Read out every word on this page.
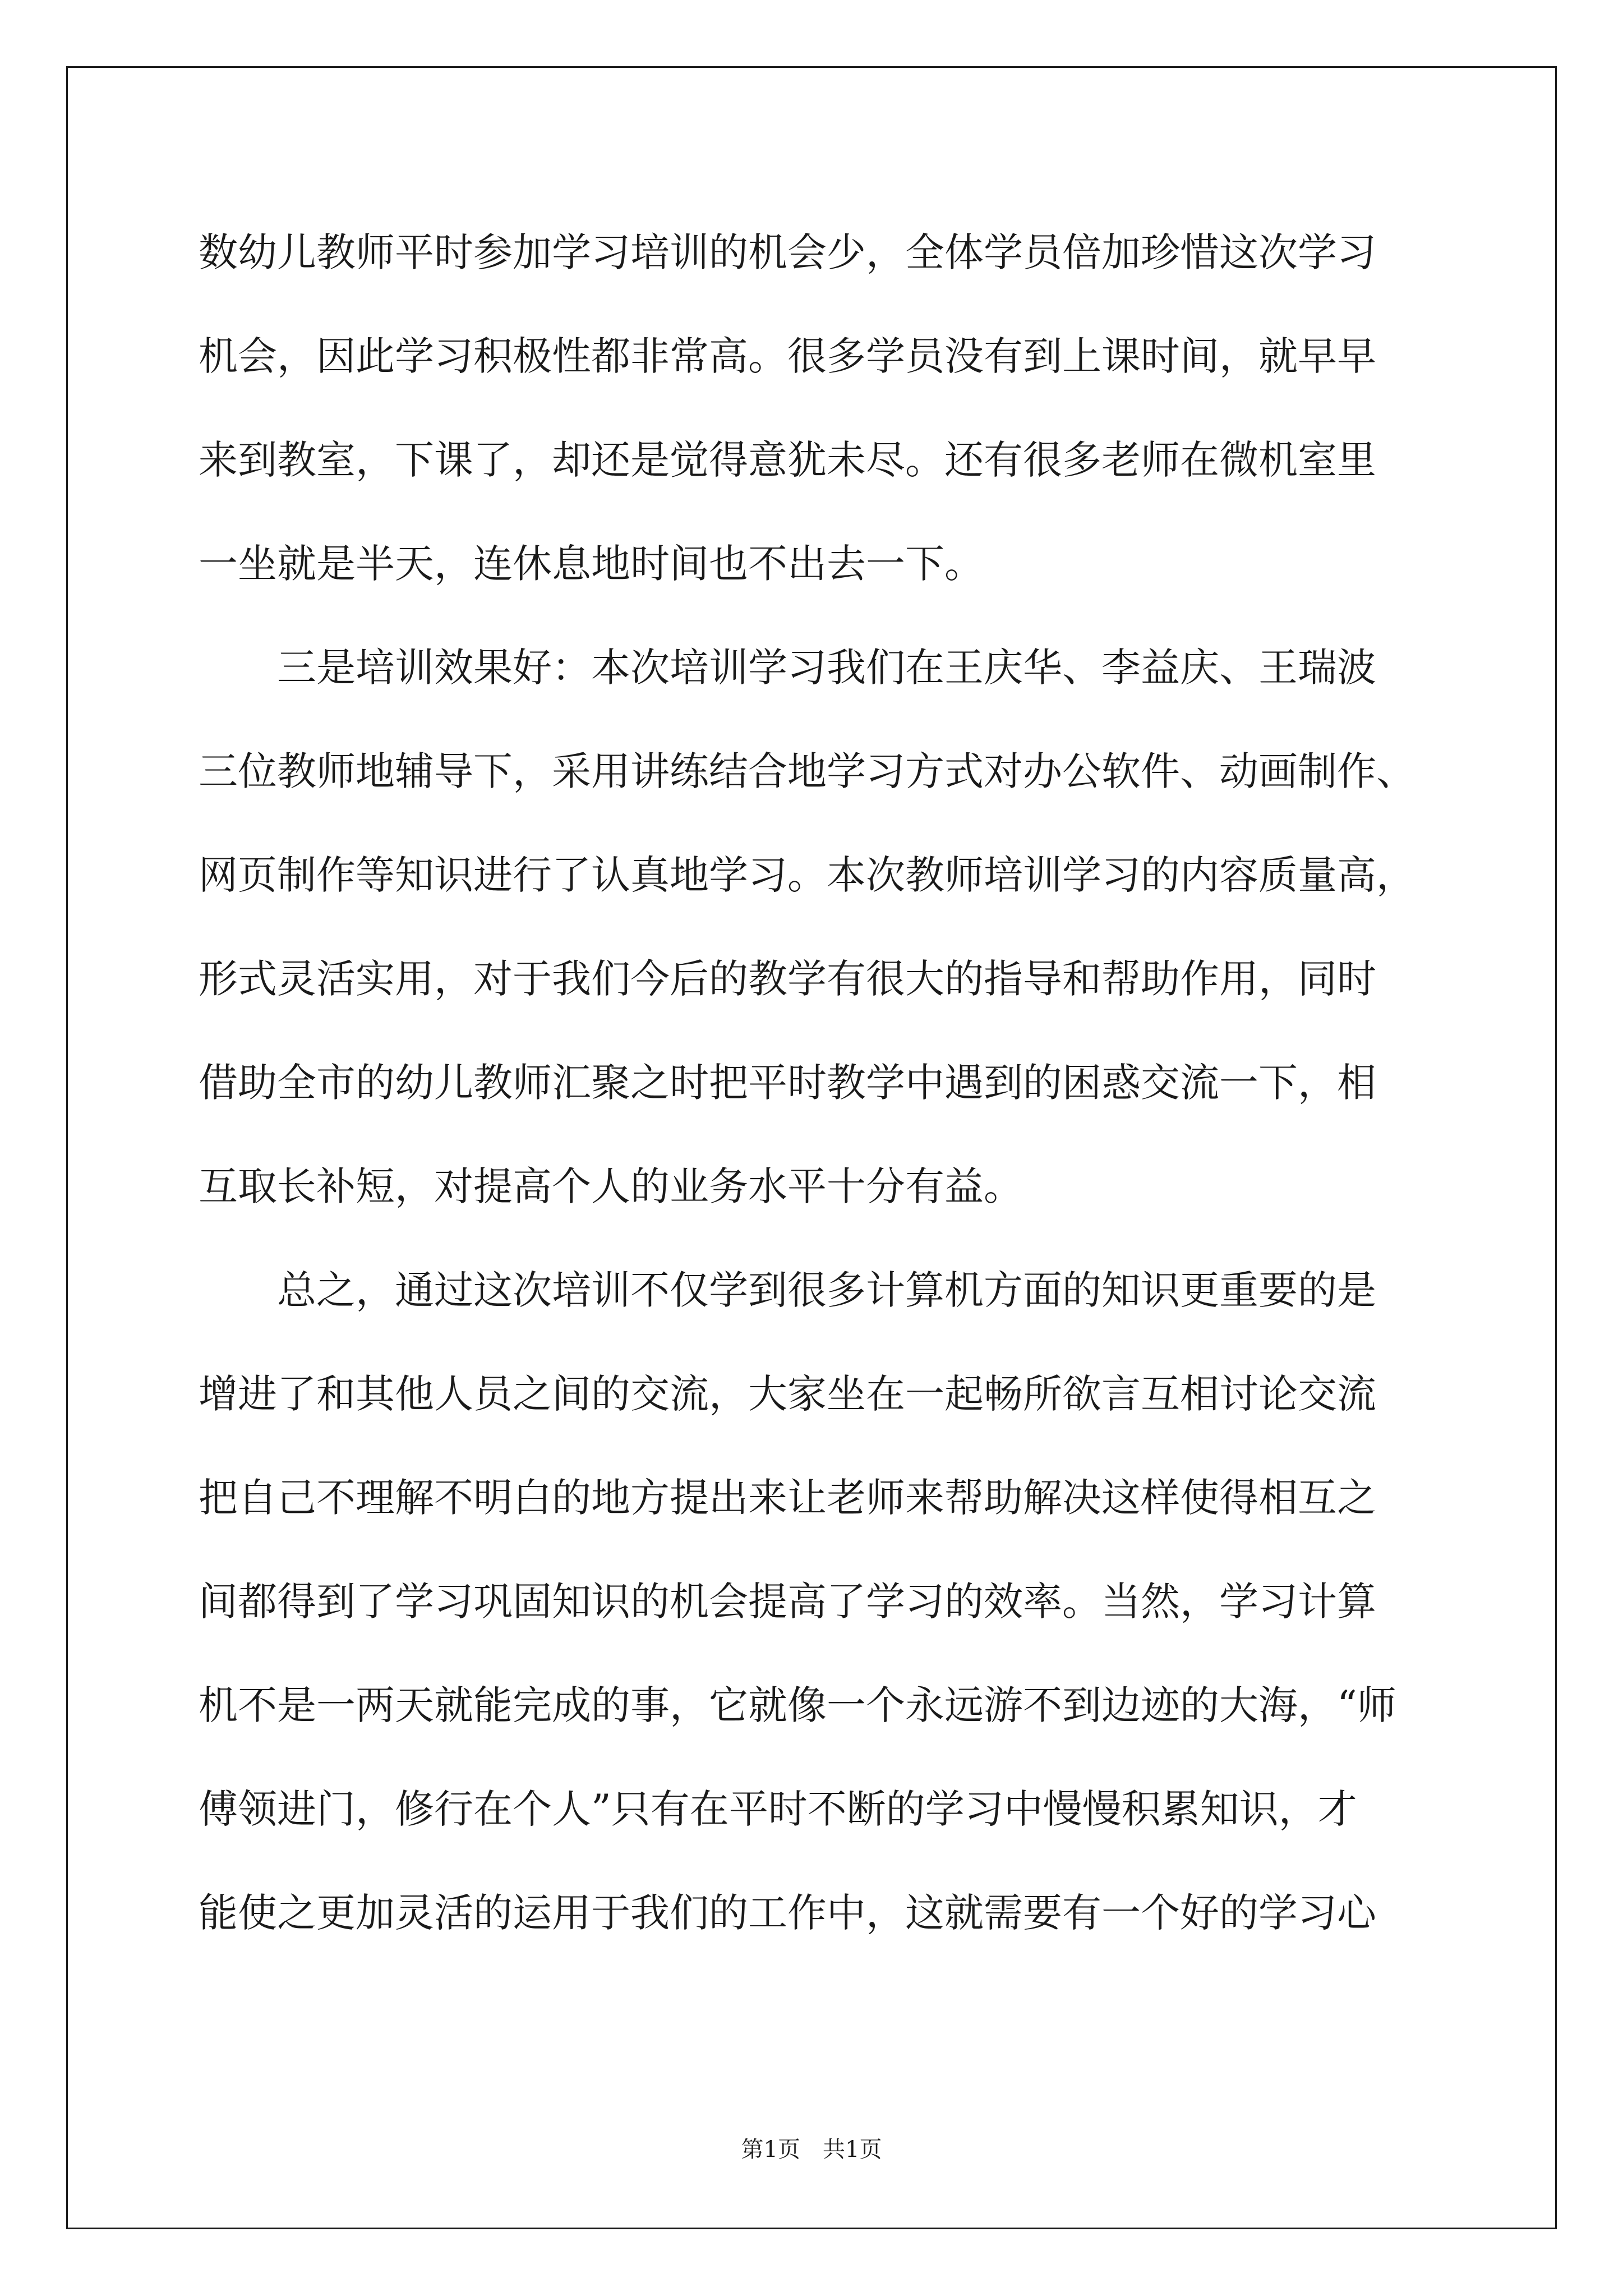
数幼儿教师平时参加学习培训的机会少，全体学员倍加珍惜这次学习
机会，因此学习积极性都非常高。很多学员没有到上课时间，就早早
来到教室，下课了，却还是觉得意犹未尽。还有很多老师在微机室里
一坐就是半天，连休息地时间也不出去一下。
　　三是培训效果好：本次培训学习我们在王庆华、李益庆、王瑞波
三位教师地辅导下，采用讲练结合地学习方式对办公软件、动画制作、
网页制作等知识进行了认真地学习。本次教师培训学习的内容质量高，
形式灵活实用，对于我们今后的教学有很大的指导和帮助作用，同时
借助全市的幼儿教师汇聚之时把平时教学中遇到的困惑交流一下，相
互取长补短，对提高个人的业务水平十分有益。
　　总之，通过这次培训不仅学到很多计算机方面的知识更重要的是
增进了和其他人员之间的交流，大家坐在一起畅所欲言互相讨论交流
把自己不理解不明白的地方提出来让老师来帮助解决这样使得相互之
间都得到了学习巩固知识的机会提高了学习的效率。当然，学习计算
机不是一两天就能完成的事，它就像一个永远游不到边迹的大海，“师
傅领进门，修行在个人”只有在平时不断的学习中慢慢积累知识，才
能使之更加灵活的运用于我们的工作中，这就需要有一个好的学习心
第1页　共1页
